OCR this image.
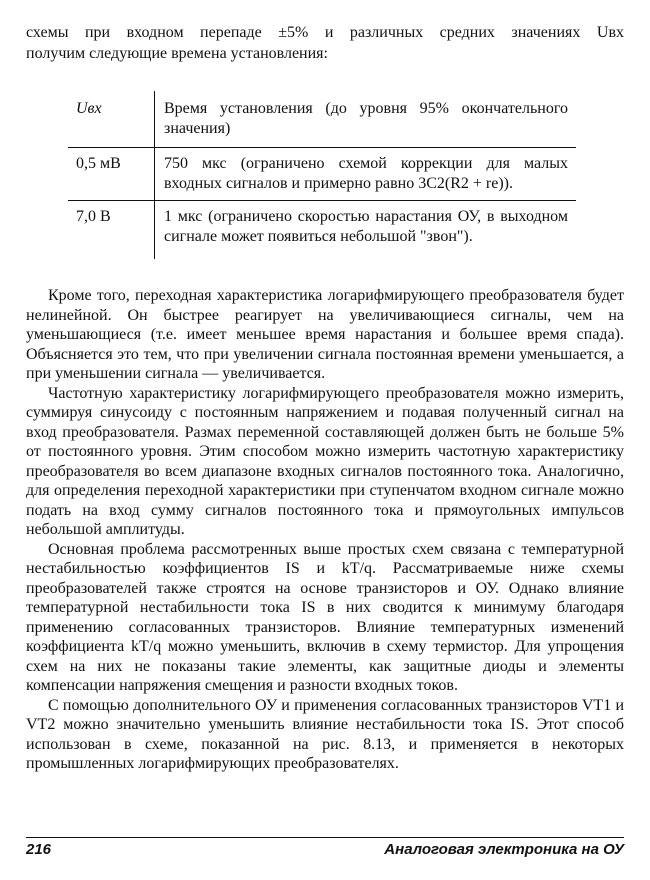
схемы при входном перепаде ±5% и различных средних значениях Uвх
получим следующие времена установления:

Uвх	Время установления (до уровня 95% окончательного значения)
0,5 мВ	750 мкс (ограничено схемой коррекции для малых входных сигналов и примерно равно 3C2(R2 + re)).
7,0 В	1 мкс (ограничено скоростью нарастания ОУ, в выходном сигнале может появиться небольшой "звон").

Кроме того, переходная характеристика логарифмирующего преобразователя будет нелинейной. Он быстрее реагирует на увеличивающиеся сигналы, чем на уменьшающиеся (т.е. имеет меньшее время нарастания и большее время спада). Объясняется это тем, что при увеличении сигнала постоянная времени уменьшается, а при уменьшении сигнала — увеличивается.

Частотную характеристику логарифмирующего преобразователя можно измерить, суммируя синусоиду с постоянным напряжением и подавая полученный сигнал на вход преобразователя. Размах переменной составляющей должен быть не больше 5% от постоянного уровня. Этим способом можно измерить частотную характеристику преобразователя во всем диапазоне входных сигналов постоянного тока. Аналогично, для определения переходной характеристики при ступенчатом входном сигнале можно подать на вход сумму сигналов постоянного тока и прямоугольных импульсов небольшой амплитуды.

Основная проблема рассмотренных выше простых схем связана с температурной нестабильностью коэффициентов IS и kT/q. Рассматриваемые ниже схемы преобразователей также строятся на основе транзисторов и ОУ. Однако влияние температурной нестабильности тока IS в них сводится к минимуму благодаря применению согласованных транзисторов. Влияние температурных изменений коэффициента kT/q можно уменьшить, включив в схему термистор. Для упрощения схем на них не показаны такие элементы, как защитные диоды и элементы компенсации напряжения смещения и разности входных токов.

С помощью дополнительного ОУ и применения согласованных транзисторов VT1 и VT2 можно значительно уменьшить влияние нестабильности тока IS. Этот способ использован в схеме, показанной на рис. 8.13, и применяется в некоторых промышленных логарифмирующих преобразователях.

216	Аналоговая электроника на ОУ
